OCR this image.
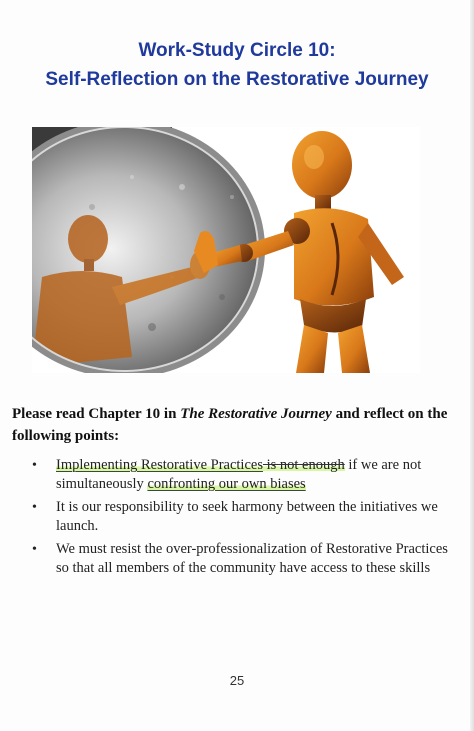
Work-Study Circle 10:
Self-Reflection on the Restorative Journey
Please read Chapter 10 in The Restorative Journey and reflect on the following points:
• Implementing Restorative Practices is not enough if we are not simultaneously confronting our own biases
• It is our responsibility to seek harmony between the initiatives we launch.
• We must resist the over-professionalization of Restorative Practices so that all members of the community have access to these skills
25
